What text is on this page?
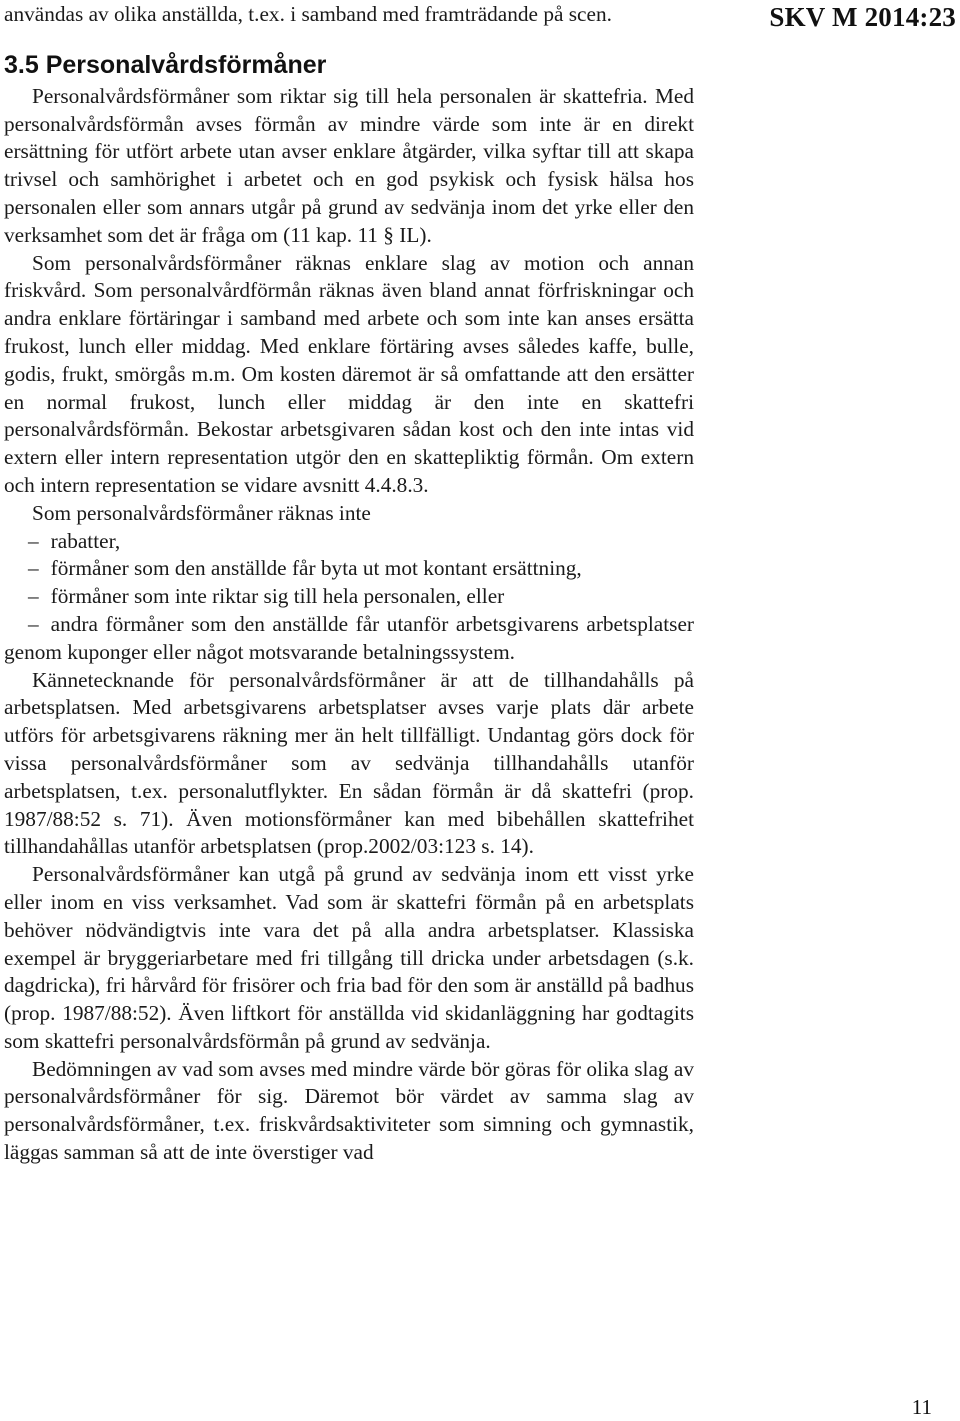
SKV M 2014:23

användas av olika anställda, t.ex. i samband med framträdande på scen.

3.5 Personalvårdsförmåner

Personalvårdsförmåner som riktar sig till hela personalen är skattefria. Med personalvårdsförmån avses förmån av mindre värde som inte är en direkt ersättning för utfört arbete utan avser enklare åtgärder, vilka syftar till att skapa trivsel och samhörighet i arbetet och en god psykisk och fysisk hälsa hos personalen eller som annars utgår på grund av sedvänja inom det yrke eller den verksamhet som det är fråga om (11 kap. 11 § IL).

Som personalvårdsförmåner räknas enklare slag av motion och annan friskvård. Som personalvårdförmån räknas även bland annat förfriskningar och andra enklare förtäringar i samband med arbete och som inte kan anses ersätta frukost, lunch eller middag. Med enklare förtäring avses således kaffe, bulle, godis, frukt, smörgås m.m. Om kosten däremot är så omfattande att den ersätter en normal frukost, lunch eller middag är den inte en skattefri personalvårdsförmån. Bekostar arbetsgivaren sådan kost och den inte intas vid extern eller intern representation utgör den en skattepliktig förmån. Om extern och intern representation se vidare avsnitt 4.4.8.3.

Som personalvårdsförmåner räknas inte

– rabatter,
– förmåner som den anställde får byta ut mot kontant ersättning,
– förmåner som inte riktar sig till hela personalen, eller
– andra förmåner som den anställde får utanför arbetsgivarens arbetsplatser genom kuponger eller något motsvarande betalningssystem.

Kännetecknande för personalvårdsförmåner är att de tillhandahålls på arbetsplatsen. Med arbetsgivarens arbetsplatser avses varje plats där arbete utförs för arbetsgivarens räkning mer än helt tillfälligt. Undantag görs dock för vissa personalvårdsförmåner som av sedvänja tillhandahålls utanför arbetsplatsen, t.ex. personalutflykter. En sådan förmån är då skattefri (prop. 1987/88:52 s. 71). Även motionsförmåner kan med bibehållen skattefrihet tillhandahållas utanför arbetsplatsen (prop.2002/03:123 s. 14).

Personalvårdsförmåner kan utgå på grund av sedvänja inom ett visst yrke eller inom en viss verksamhet. Vad som är skattefri förmån på en arbetsplats behöver nödvändigtvis inte vara det på alla andra arbetsplatser. Klassiska exempel är bryggeriarbetare med fri tillgång till dricka under arbetsdagen (s.k. dagdricka), fri hårvård för frisörer och fria bad för den som är anställd på badhus (prop. 1987/88:52). Även liftkort för anställda vid skidanläggning har godtagits som skattefri personalvårdsförmån på grund av sedvänja.

Bedömningen av vad som avses med mindre värde bör göras för olika slag av personalvårdsförmåner för sig. Däremot bör värdet av samma slag av personalvårdsförmåner, t.ex. friskvårdsaktiviteter som simning och gymnastik, läggas samman så att de inte överstiger vad

11
